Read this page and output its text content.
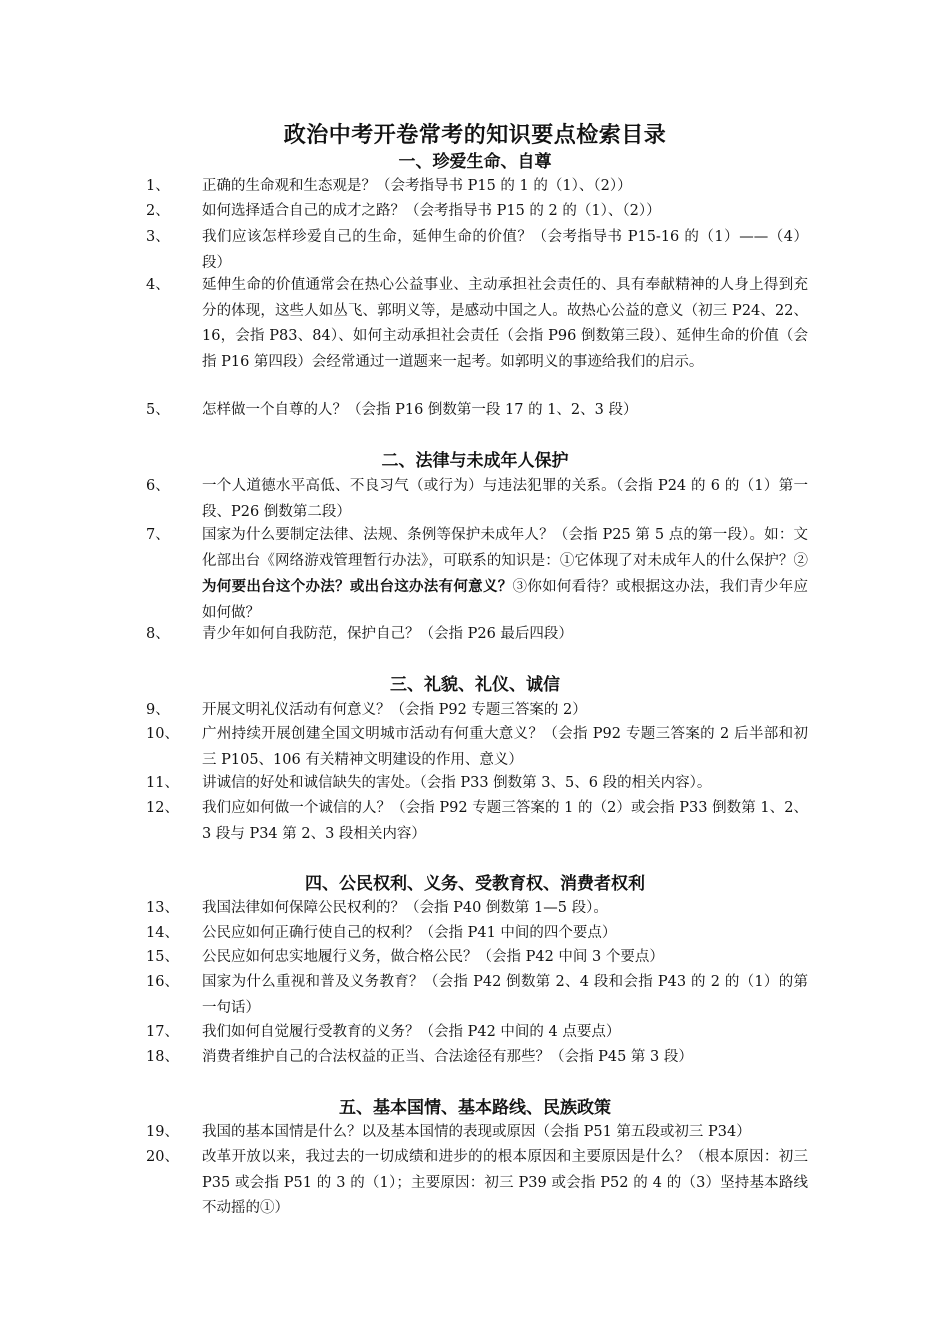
政治中考开卷常考的知识要点检索目录
一、珍爱生命、自尊
1、 正确的生命观和生态观是？（会考指导书 P15 的 1 的（1）、（2））
2、 如何选择适合自己的成才之路？（会考指导书 P15 的 2 的（1）、（2））
3、 我们应该怎样珍爱自己的生命，延伸生命的价值？（会考指导书 P15-16 的（1）——（4）段）
4、 延伸生命的价值通常会在热心公益事业、主动承担社会责任的、具有奉献精神的人身上得到充分的体现，这些人如丛飞、郭明义等，是感动中国之人。故热心公益的意义（初三 P24、22、16，会指 P83、84）、如何主动承担社会责任（会指 P96 倒数第三段）、延伸生命的价值（会指 P16 第四段）会经常通过一道题来一起考。如郭明义的事迹给我们的启示。
5、 怎样做一个自尊的人？（会指 P16 倒数第一段 17 的 1、2、3 段）
二、法律与未成年人保护
6、 一个人道德水平高低、不良习气（或行为）与违法犯罪的关系。（会指 P24 的 6 的（1）第一段、P26 倒数第二段）
7、 国家为什么要制定法律、法规、条例等保护未成年人？（会指 P25 第 5 点的第一段）。如：文化部出台《网络游戏管理暂行办法》，可联系的知识是：①它体现了对未成年人的什么保护？②为何要出台这个办法？或出台这办法有何意义？③你如何看待？或根据这办法，我们青少年应如何做？
8、 青少年如何自我防范，保护自己？（会指 P26 最后四段）
三、礼貌、礼仪、诚信
9、 开展文明礼仪活动有何意义？（会指 P92 专题三答案的 2）
10、 广州持续开展创建全国文明城市活动有何重大意义？（会指 P92 专题三答案的 2 后半部和初三 P105、106 有关精神文明建设的作用、意义）
11、 讲诚信的好处和诚信缺失的害处。（会指 P33 倒数第 3、5、6 段的相关内容）。
12、 我们应如何做一个诚信的人？（会指 P92 专题三答案的 1 的（2）或会指 P33 倒数第 1、2、3 段与 P34 第 2、3 段相关内容）
四、公民权利、义务、受教育权、消费者权利
13、 我国法律如何保障公民权利的？（会指 P40 倒数第 1—5 段）。
14、 公民应如何正确行使自己的权利？（会指 P41 中间的四个要点）
15、 公民应如何忠实地履行义务，做合格公民？（会指 P42 中间 3 个要点）
16、 国家为什么重视和普及义务教育？（会指 P42 倒数第 2、4 段和会指 P43 的 2 的（1）的第一句话）
17、 我们如何自觉履行受教育的义务？（会指 P42 中间的 4 点要点）
18、 消费者维护自己的合法权益的正当、合法途径有那些？（会指 P45 第 3 段）
五、基本国情、基本路线、民族政策
19、 我国的基本国情是什么？以及基本国情的表现或原因（会指 P51 第五段或初三 P34）
20、 改革开放以来，我过去的一切成绩和进步的的根本原因和主要原因是什么？（根本原因：初三 P35 或会指 P51 的 3 的（1）；主要原因：初三 P39 或会指 P52 的 4 的（3）坚持基本路线不动摇的①）
